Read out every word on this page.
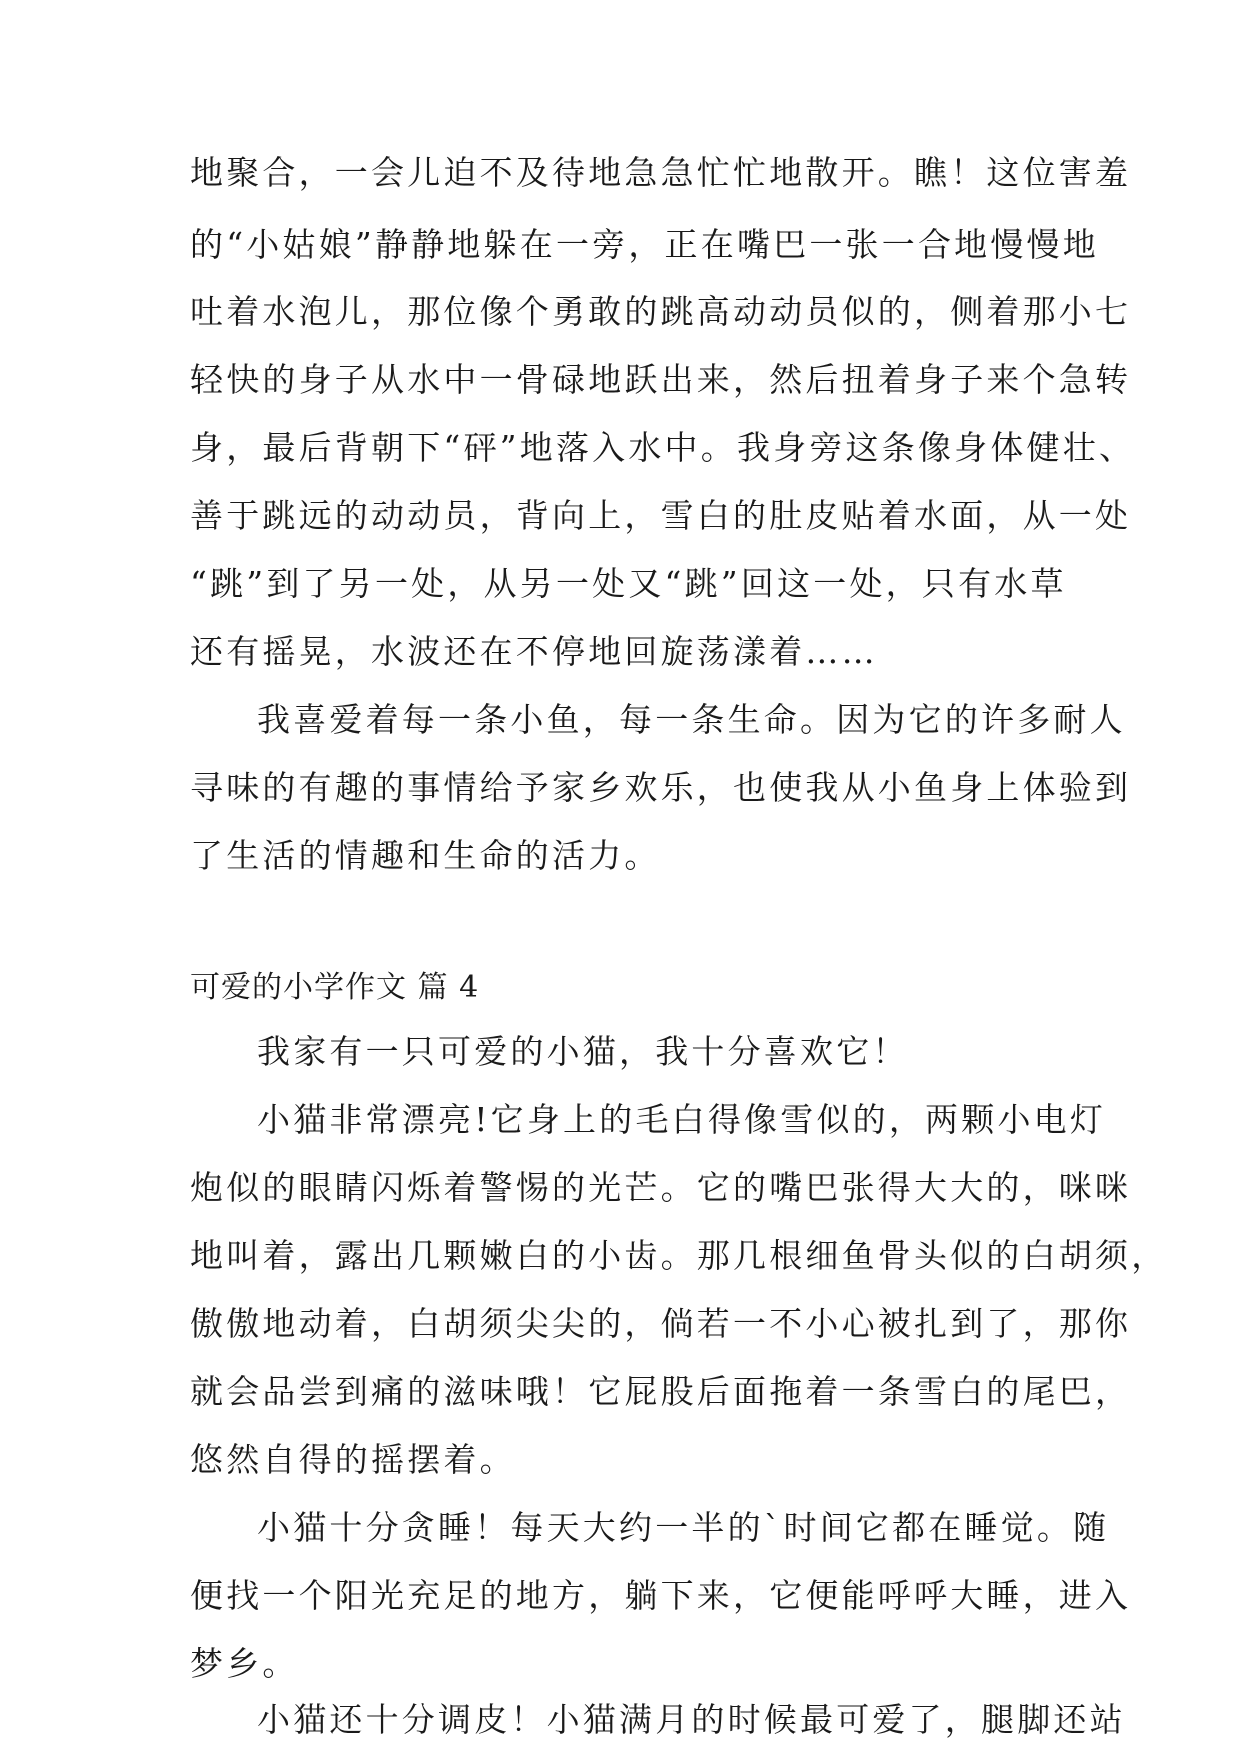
地聚合，一会儿迫不及待地急急忙忙地散开。瞧！这位害羞
的“小姑娘”静静地躲在一旁，正在嘴巴一张一合地慢慢地
吐着水泡儿，那位像个勇敢的跳高动动员似的，侧着那小七
轻快的身子从水中一骨碌地跃出来，然后扭着身子来个急转
身，最后背朝下“砰”地落入水中。我身旁这条像身体健壮、
善于跳远的动动员，背向上，雪白的肚皮贴着水面，从一处
“跳”到了另一处，从另一处又“跳”回这一处，只有水草
还有摇晃，水波还在不停地回旋荡漾着……
我喜爱着每一条小鱼，每一条生命。因为它的许多耐人
寻味的有趣的事情给予家乡欢乐，也使我从小鱼身上体验到
了生活的情趣和生命的活力。
可爱的小学作文 篇 4
我家有一只可爱的小猫，我十分喜欢它！
小猫非常漂亮!它身上的毛白得像雪似的，两颗小电灯
炮似的眼睛闪烁着警惕的光芒。它的嘴巴张得大大的，咪咪
地叫着，露出几颗嫩白的小齿。那几根细鱼骨头似的白胡须，
傲傲地动着，白胡须尖尖的，倘若一不小心被扎到了，那你
就会品尝到痛的滋味哦！它屁股后面拖着一条雪白的尾巴，
悠然自得的摇摆着。
小猫十分贪睡！每天大约一半的`时间它都在睡觉。随
便找一个阳光充足的地方，躺下来，它便能呼呼大睡，进入
梦乡。
小猫还十分调皮！小猫满月的时候最可爱了，腿脚还站
